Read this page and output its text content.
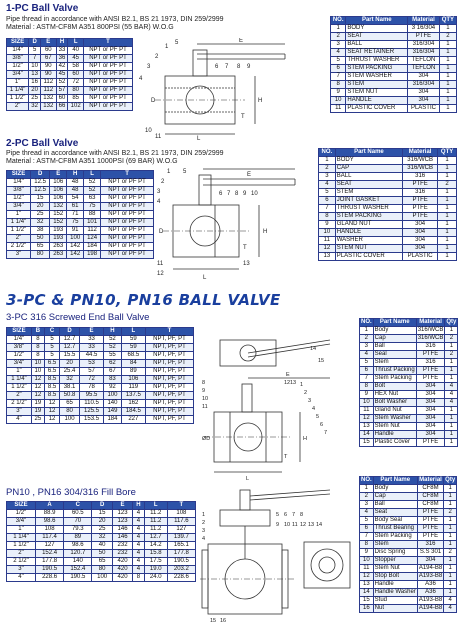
1-PC Ball Valve
Pipe thread in accordance with ANSI B2.1, BS 21 1973, DIN 259/2999
Material : ASTM-CF8M A351 800PSI (55 BAR) W.O.G
SIZE	D	E	H	L	T
1/4"	5	60	33	40	NPT or PF PT
3/8"	7	67	36	45	NPT or PF PT
1/2"	10	90	42	58	NPT or PF PT
3/4"	13	90	45	60	NPT or PF PT
1"	16	112	52	72	NPT or PF PT
1 1/4"	20	112	57	80	NPT or PF PT
1 1/2"	25	132	60	85	NPT or PF PT
2"	32	132	66	102	NPT or PF PT
1
2
3
4
5
6 7 8 9
10
11
E
H
T
L
D
NO.	Part Name	Material	QTY
1	BODY	3 16/304	1
2	SEAT	PTFE	2
3	BALL	316/304	1
4	SEAT RETAINER	316/304	1
5	THRUST WASHER	TEFLON	1
6	STEM PACKING	TEFLON	1
7	STEM WASHER	304	1
8	STEM	316/304	1
9	STEM NUT	304	1
10	HANDLE	304	1
11	PLASTIC COVER	PLASTIC	1
2-PC Ball Valve
Pipe thread in accordance with ANSI B2.1, BS 21 1973, DIN 259/2999
Material : ASTM-CF8M A351 1000PSI (69 BAR) W.O.G
SIZE	D	E	H	L	T
1/4"	12.5	106	48	52	NPT or PF PT
3/8"	12.5	106	48	52	NPT or PF PT
1/2"	15	106	54	63	NPT or PF PT
3/4"	20	132	61	75	NPT or PF PT
1"	25	152	71	88	NPT or PF PT
1 1/4"	32	152	75	101	NPT or PF PT
1 1/2"	38	193	91	112	NPT or PF PT
2"	50	193	100	124	NPT or PF PT
2 1/2"	65	263	142	184	NPT or PF PT
3"	80	263	142	198	NPT or PF PT
1
2
3
4
5
6 7 8 9 10
11
12
13
E
H
T
L
D
NO.	Part Name	Material	QTY
1	BODY	316/WCB	1
2	CAP	316/WCB	1
3	BALL	316	1
4	SEAT	PTFE	2
5	STEM	316	1
6	JOINT GASKET	PTFE	1
7	THRUST WASHER	PTFE	1
8	STEM PACKING	PTFE	1
9	GLAND NUT	304	1
10	HANDLE	304	1
11	WASHER	304	1
12	STEM NUT	304	1
13	PLASTIC COVER	PLASTIC	1
3-PC & PN10, PN16 BALL VALVE
3-PC 316 Screwed End Ball Valve
SIZE	B	C	D	E	H	L	T
1/4"	8	5	12.7	33	52	59	NPT, PF, PT
3/8"	8	5	12.7	33	52	59	NPT, PF, PT
1/2"	8	5	15.5	44.5	55	68.5	NPT, PF, PT
3/4"	10	6.5	20	53	62	84	NPT, PF, PT
1"	10	6.5	25.4	57	67	89	NPT, PF, PT
1 1/4"	12	8.5	32	72	83	106	NPT, PF, PT
1 1/2"	12	8.5	38.1	78	92	119	NPT, PF, PT
2"	12	8.5	50.8	95.5	100	137.5	NPT, PF, PT
2 1/2"	19	12	65	110.5	140	162	NPT, PF, PT
3"	19	12	80	125.5	149	184.5	NPT, PF, PT
4"	25	12	100	153.5	184	227	NPT, PF, PT
1
2
3
4
5
6
7
8
9
10
11
12 13
14
15
E
H
T
L
ØD
NO.	Part Name	Material	Qty
1	Body	316/WCB	1
2	Cap	316/WCB	2
3	Ball	316	1
4	Seal	PTFE	2
5	Stem	316	1
6	Thrust Packing	PTFE	1
7	Stem Packing	PTFE	1
8	Bolt	304	4
9	HEX Nut	304	4
10	Bolt Washer	304	4
11	Gland Nut	304	1
12	Stem Washer	304	1
13	Stem Nut	304	1
14	Handle	304	1
15	Plastic Cover	PTFE	1
PN10 , PN16 304/316 Fill Bore
SIZE	A	C	D	E	H	L	T
1/2"	88.9	60.5	15	123	4	11.2	108
3/4"	98.6	70	20	123	4	11.2	117.6
1"	108	79.3	25	146	4	11.2	127
1 1/4"	117.4	89	32	146	4	12.7	139.7
1 1/2"	127	98.6	40	232	4	14.2	165.1
2"	152.4	120.7	50	232	4	15.8	177.8
2 1/2"	177.8	140	65	420	4	17.5	190.5
3"	190.5	152.4	80	420	4	19.0	203.2
4"	228.6	190.5	100	420	8	24.0	228.6
1
2
3
4
5 6 7 8
9 10 11 12 13 14
15 16
NO.	Part Name	Material	Qty
1	Body	CF8M	1
2	Cap	CF8M	1
3	Ball	CF8M	1
4	Seat	PTFE	2
5	Body Seal	PTFE	1
6	Thrust Bearing	PTFE	1
7	Stem Packing	PTFE	1
8	Stem	316	1
9	Disc Spring	S.S 301	2
10	Stopper	304	1
11	Stem Nut	A194-B8	1
12	Stop Bolt	A193-B8	1
13	Handle	A36	1
14	Handle Washer	A36	1
15	Stud	A193-B8	4
16	Nut	A194-B8	4
